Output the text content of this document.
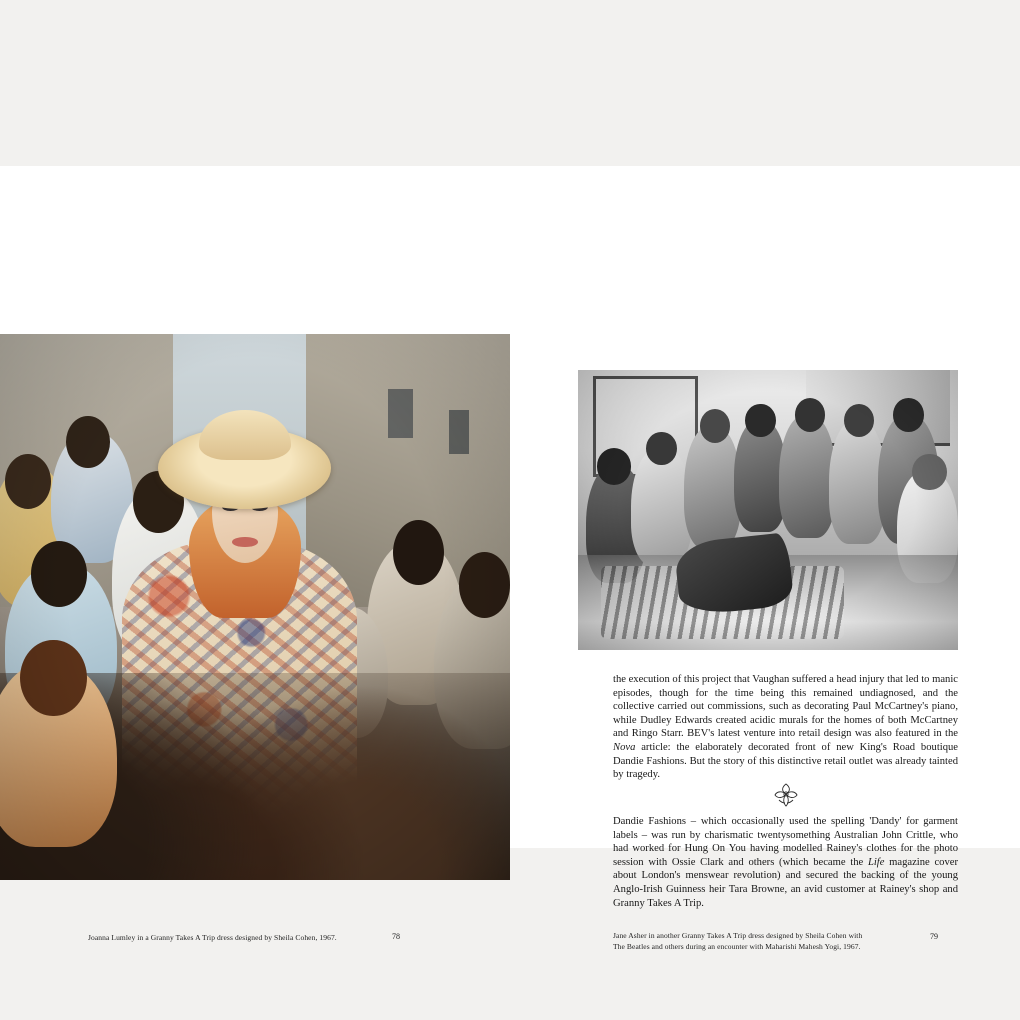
Joanna Lumley in a Granny Takes A Trip dress designed by Sheila Cohen, 1967.	78
the execution of this project that Vaughan suffered a head injury that led to manic episodes, though for the time being this remained undiagnosed, and the collective carried out commissions, such as decorating Paul McCartney's piano, while Dudley Edwards created acidic murals for the homes of both McCartney and Ringo Starr. BEV's latest venture into retail design was also featured in the Nova article: the elaborately decorated front of new King's Road boutique Dandie Fashions. But the story of this distinctive retail outlet was already tainted by tragedy.
Dandie Fashions – which occasionally used the spelling 'Dandy' for garment labels – was run by charismatic twentysomething Australian John Crittle, who had worked for Hung On You having modelled Rainey's clothes for the photo session with Ossie Clark and others (which became the Life magazine cover about London's menswear revolution) and secured the backing of the young Anglo-Irish Guinness heir Tara Browne, an avid customer at Rainey's shop and Granny Takes A Trip.
Jane Asher in another Granny Takes A Trip dress designed by Sheila Cohen with
The Beatles and others during an encounter with Maharishi Mahesh Yogi, 1967.
79
